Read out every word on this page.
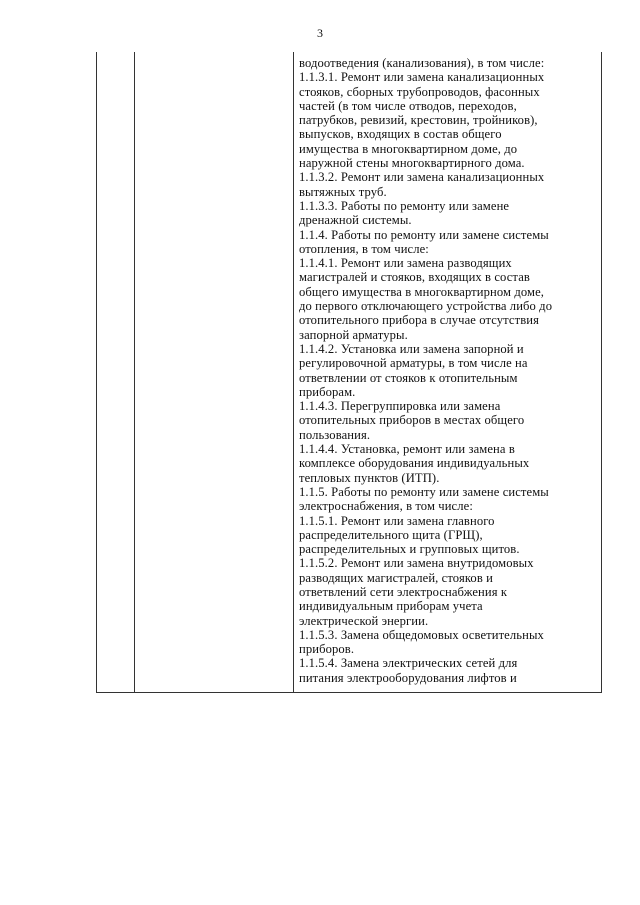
3

водоотведения (канализования), в том числе:

1.1.3.1. Ремонт или замена канализационных

стояков, сборных трубопроводов, фасонных

частей (в том числе отводов, переходов,

патрубков, ревизий, крестовин, тройников),

выпусков, входящих в состав общего

имущества в многоквартирном доме, до

наружной стены многоквартирного дома.

1.1.3.2. Ремонт или замена канализационных

вытяжных труб.

1.1.3.3. Работы по ремонту или замене

дренажной системы.

1.1.4. Работы по ремонту или замене системы

отопления, в том числе:

1.1.4.1. Ремонт или замена разводящих

магистралей и стояков, входящих в состав

общего имущества в многоквартирном доме,

до первого отключающего устройства либо до

отопительного прибора в случае отсутствия

запорной арматуры.

1.1.4.2. Установка или замена запорной и

регулировочной арматуры, в том числе на

ответвлении от стояков к отопительным

приборам.

1.1.4.3. Перегруппировка или замена

отопительных приборов в местах общего

пользования.

1.1.4.4. Установка, ремонт или замена в

комплексе оборудования индивидуальных

тепловых пунктов (ИТП).

1.1.5. Работы по ремонту или замене системы

электроснабжения, в том числе:

1.1.5.1. Ремонт или замена главного

распределительного щита (ГРЩ),

распределительных и групповых щитов.

1.1.5.2. Ремонт или замена внутридомовых

разводящих магистралей, стояков и

ответвлений сети электроснабжения к

индивидуальным приборам учета

электрической энергии.

1.1.5.3. Замена общедомовых осветительных

приборов.

1.1.5.4. Замена электрических сетей для

питания электрооборудования лифтов и
